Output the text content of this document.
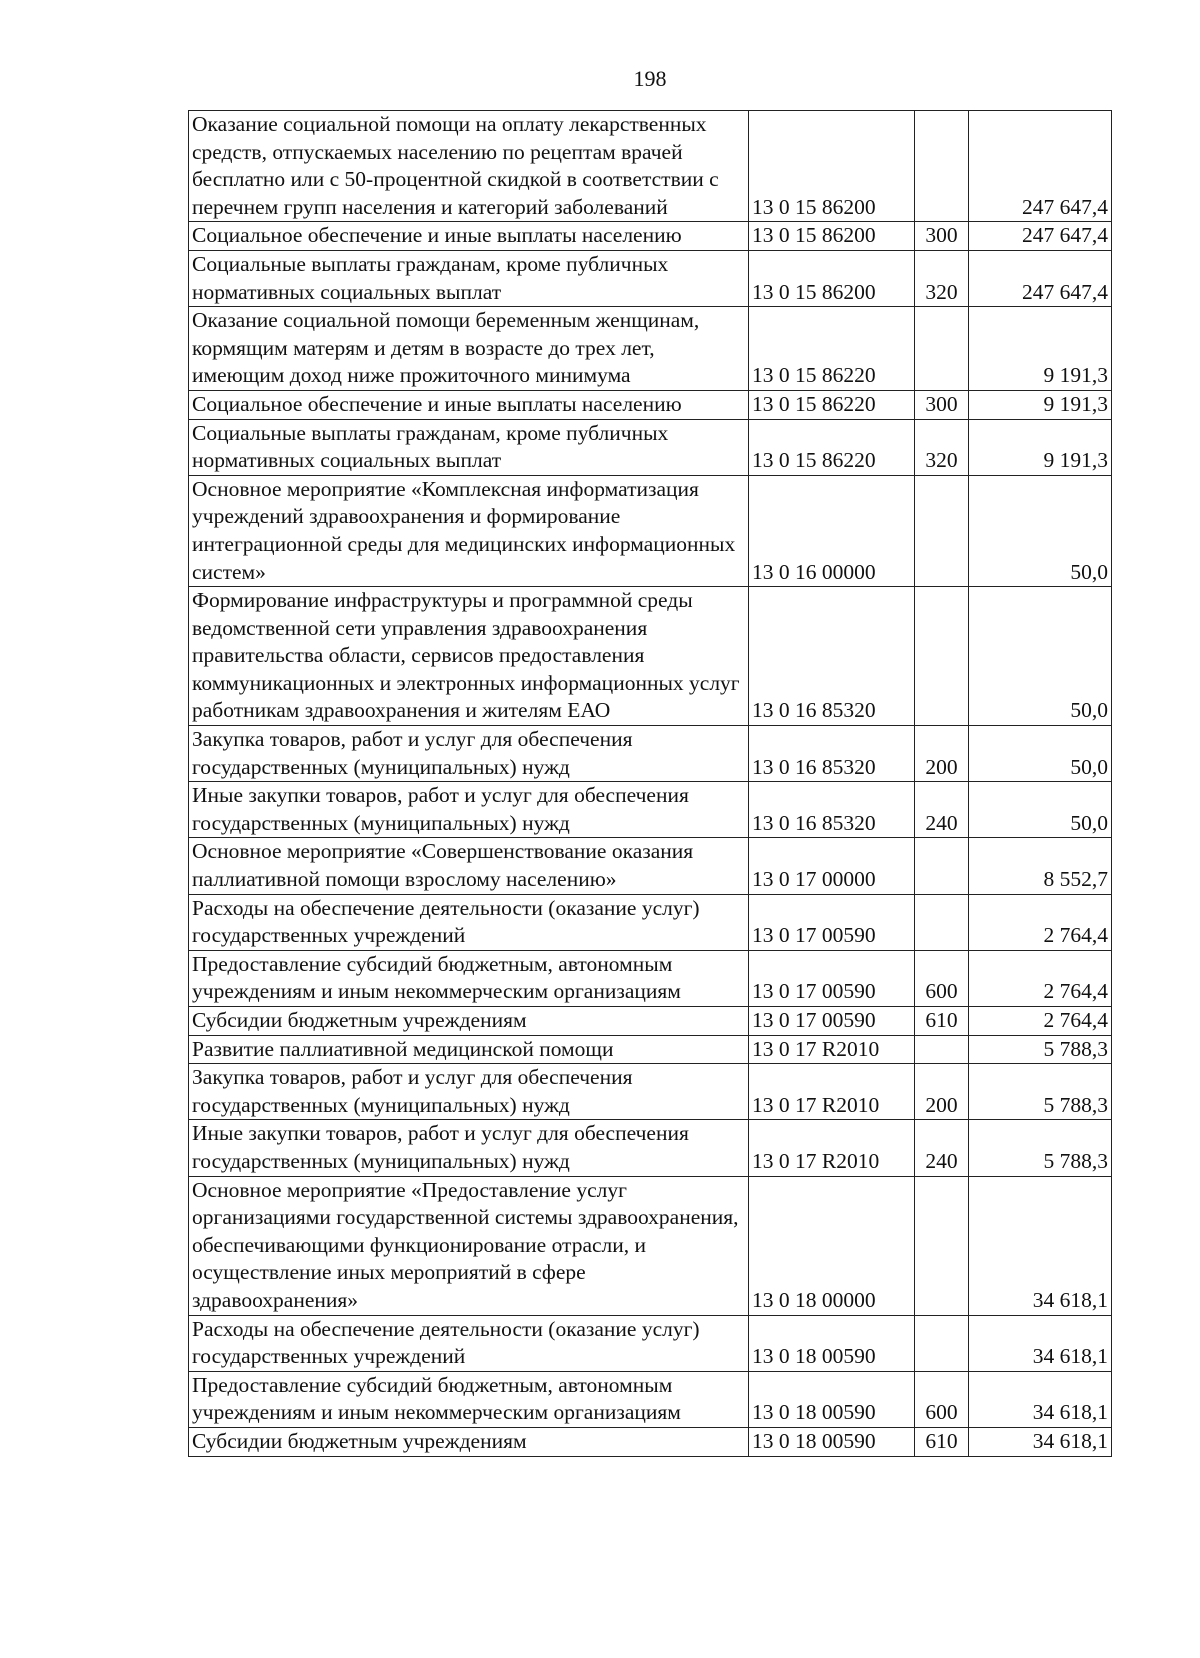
198
Оказание социальной помощи на оплату лекарственных средств, отпускаемых населению по рецептам врачей бесплатно или с 50-процентной скидкой в соответствии с перечнем групп населения и категорий заболеваний	13 0 15 86200		247 647,4
Социальное обеспечение и иные выплаты населению	13 0 15 86200	300	247 647,4
Социальные выплаты гражданам, кроме публичных нормативных социальных выплат	13 0 15 86200	320	247 647,4
Оказание социальной помощи беременным женщинам, кормящим матерям и детям в возрасте до трех лет, имеющим доход ниже прожиточного минимума	13 0 15 86220		9 191,3
Социальное обеспечение и иные выплаты населению	13 0 15 86220	300	9 191,3
Социальные выплаты гражданам, кроме публичных нормативных социальных выплат	13 0 15 86220	320	9 191,3
Основное мероприятие «Комплексная информатизация учреждений здравоохранения и формирование интеграционной среды для медицинских информационных систем»	13 0 16 00000		50,0
Формирование инфраструктуры и программной среды ведомственной сети управления здравоохранения правительства области, сервисов предоставления коммуникационных и электронных информационных услуг работникам здравоохранения и жителям ЕАО	13 0 16 85320		50,0
Закупка товаров, работ и услуг для обеспечения государственных (муниципальных) нужд	13 0 16 85320	200	50,0
Иные закупки товаров, работ и услуг для обеспечения государственных (муниципальных) нужд	13 0 16 85320	240	50,0
Основное мероприятие «Совершенствование оказания паллиативной помощи взрослому населению»	13 0 17 00000		8 552,7
Расходы на обеспечение деятельности (оказание услуг) государственных учреждений	13 0 17 00590		2 764,4
Предоставление субсидий бюджетным, автономным учреждениям и иным некоммерческим организациям	13 0 17 00590	600	2 764,4
Субсидии бюджетным учреждениям	13 0 17 00590	610	2 764,4
Развитие паллиативной медицинской помощи	13 0 17 R2010		5 788,3
Закупка товаров, работ и услуг для обеспечения государственных (муниципальных) нужд	13 0 17 R2010	200	5 788,3
Иные закупки товаров, работ и услуг для обеспечения государственных (муниципальных) нужд	13 0 17 R2010	240	5 788,3
Основное мероприятие «Предоставление услуг организациями государственной системы здравоохранения, обеспечивающими функционирование отрасли, и осуществление иных мероприятий в сфере здравоохранения»	13 0 18 00000		34 618,1
Расходы на обеспечение деятельности (оказание услуг) государственных учреждений	13 0 18 00590		34 618,1
Предоставление субсидий бюджетным, автономным учреждениям и иным некоммерческим организациям	13 0 18 00590	600	34 618,1
Субсидии бюджетным учреждениям	13 0 18 00590	610	34 618,1
